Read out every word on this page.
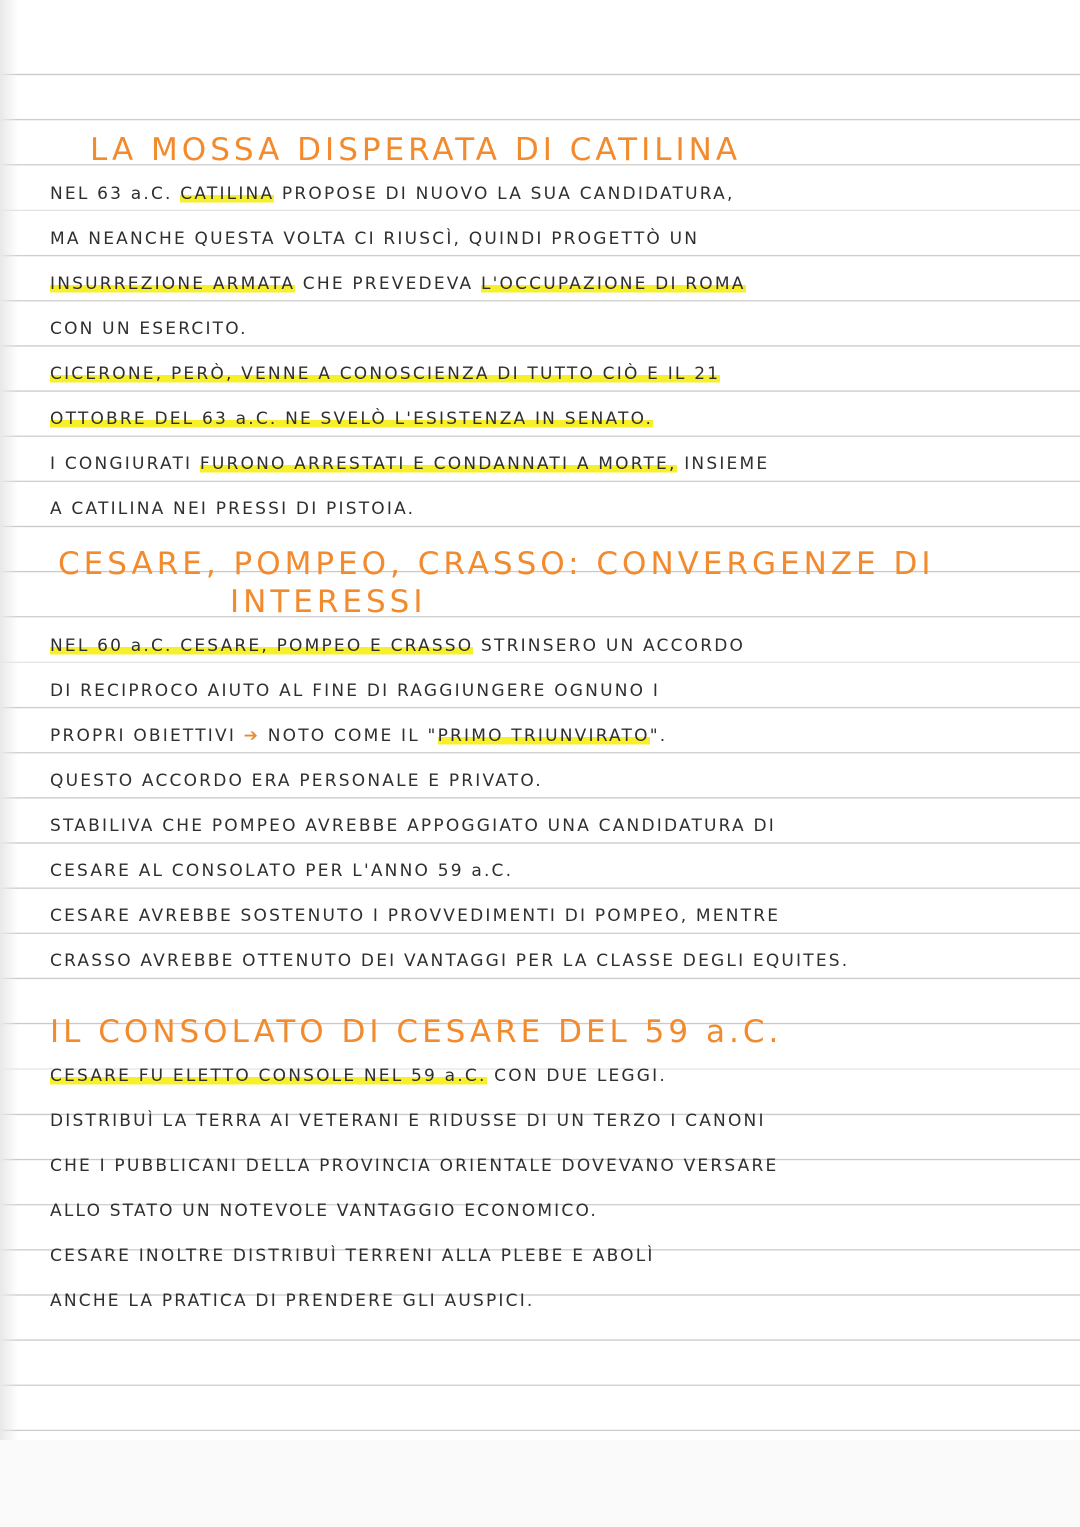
LA MOSSA DISPERATA DI CATILINA
NEL 63 a.C. CATILINA PROPOSE DI NUOVO LA SUA CANDIDATURA,
MA NEANCHE QUESTA VOLTA CI RIUSCÌ, QUINDI PROGETTÒ UN
INSURREZIONE ARMATA CHE PREVEDEVA L'OCCUPAZIONE DI ROMA
CON UN ESERCITO.
CICERONE, PERÒ, VENNE A CONOSCIENZA DI TUTTO CIÒ E IL 21
OTTOBRE DEL 63 a.C. NE SVELÒ L'ESISTENZA IN SENATO.
I CONGIURATI FURONO ARRESTATI E CONDANNATI A MORTE, INSIEME
A CATILINA NEI PRESSI DI PISTOIA.
CESARE, POMPEO, CRASSO: CONVERGENZE DI
INTERESSI
NEL 60 a.C. CESARE, POMPEO E CRASSO STRINSERO UN ACCORDO
DI RECIPROCO AIUTO AL FINE DI RAGGIUNGERE OGNUNO I
PROPRI OBIETTIVI ➔ NOTO COME IL "PRIMO TRIUNVIRATO".
QUESTO ACCORDO ERA PERSONALE E PRIVATO.
STABILIVA CHE POMPEO AVREBBE APPOGGIATO UNA CANDIDATURA DI
CESARE AL CONSOLATO PER L'ANNO 59 a.C.
CESARE AVREBBE SOSTENUTO I PROVVEDIMENTI DI POMPEO, MENTRE
CRASSO AVREBBE OTTENUTO DEI VANTAGGI PER LA CLASSE DEGLI EQUITES.
IL CONSOLATO DI CESARE DEL 59 a.C.
CESARE FU ELETTO CONSOLE NEL 59 a.C. CON DUE LEGGI.
DISTRIBUÌ LA TERRA AI VETERANI E RIDUSSE DI UN TERZO I CANONI
CHE I PUBBLICANI DELLA PROVINCIA ORIENTALE DOVEVANO VERSARE
ALLO STATO UN NOTEVOLE VANTAGGIO ECONOMICO.
CESARE INOLTRE DISTRIBUÌ TERRENI ALLA PLEBE E ABOLÌ
ANCHE LA PRATICA DI PRENDERE GLI AUSPICI.
